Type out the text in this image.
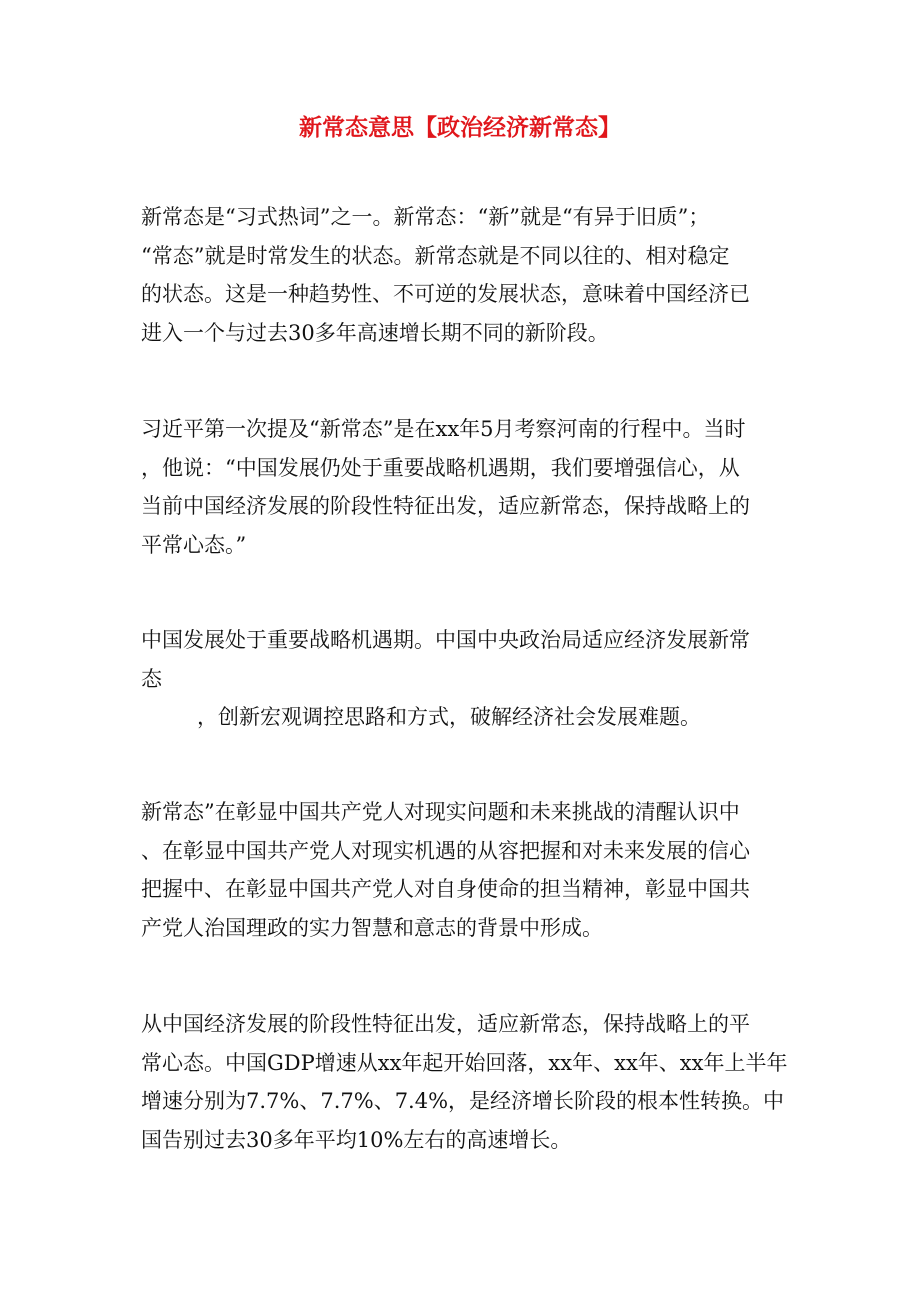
新常态意思【政治经济新常态】
新常态是“习式热词”之一。新常态：“新”就是“有异于旧质”；
“常态”就是时常发生的状态。新常态就是不同以往的、相对稳定
的状态。这是一种趋势性、不可逆的发展状态，意味着中国经济已
进入一个与过去30多年高速增长期不同的新阶段。
习近平第一次提及“新常态”是在xx年5月考察河南的行程中。当时
，他说：“中国发展仍处于重要战略机遇期，我们要增强信心，从
当前中国经济发展的阶段性特征出发，适应新常态，保持战略上的
平常心态。”
中国发展处于重要战略机遇期。中国中央政治局适应经济发展新常
态
，创新宏观调控思路和方式，破解经济社会发展难题。
新常态”在彰显中国共产党人对现实问题和未来挑战的清醒认识中
、在彰显中国共产党人对现实机遇的从容把握和对未来发展的信心
把握中、在彰显中国共产党人对自身使命的担当精神，彰显中国共
产党人治国理政的实力智慧和意志的背景中形成。
从中国经济发展的阶段性特征出发，适应新常态，保持战略上的平
常心态。中国GDP增速从xx年起开始回落，xx年、xx年、xx年上半年
增速分别为7.7%、7.7%、7.4%，是经济增长阶段的根本性转换。中
国告别过去30多年平均10%左右的高速增长。
